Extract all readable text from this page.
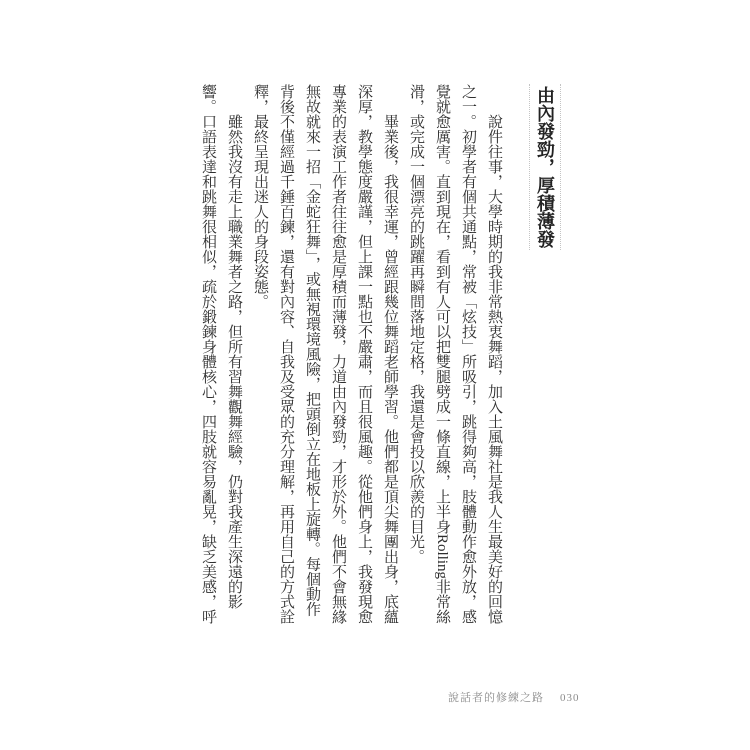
由內發勁，厚積薄發

說件往事，大學時期的我非常熱衷舞蹈，加入土風舞社是我人生最美好的回憶之一。初學者有個共通點，常被「炫技」所吸引，跳得夠高，肢體動作愈外放，感覺就愈厲害。直到現在，看到有人可以把雙腿劈成一條直線，上半身Rolling非常絲滑，或完成一個漂亮的跳躍再瞬間落地定格，我還是會投以欣羨的目光。

畢業後，我很幸運，曾經跟幾位舞蹈老師學習。他們都是頂尖舞團出身，底蘊深厚，教學態度嚴謹，但上課一點也不嚴肅，而且很風趣。從他們身上，我發現愈專業的表演工作者往往愈是厚積而薄發，力道由內發勁，才形於外。他們不會無緣無故就來一招「金蛇狂舞」，或無視環境風險，把頭倒立在地板上旋轉。每個動作背後不僅經過千錘百鍊，還有對內容、自我及受眾的充分理解，再用自己的方式詮釋，最終呈現出迷人的身段姿態。

雖然我沒有走上職業舞者之路，但所有習舞觀舞經驗，仍對我產生深遠的影響。口語表達和跳舞很相似，疏於鍛鍊身體核心，四肢就容易亂晃，缺乏美感，呼

說話者的修練之路 030
